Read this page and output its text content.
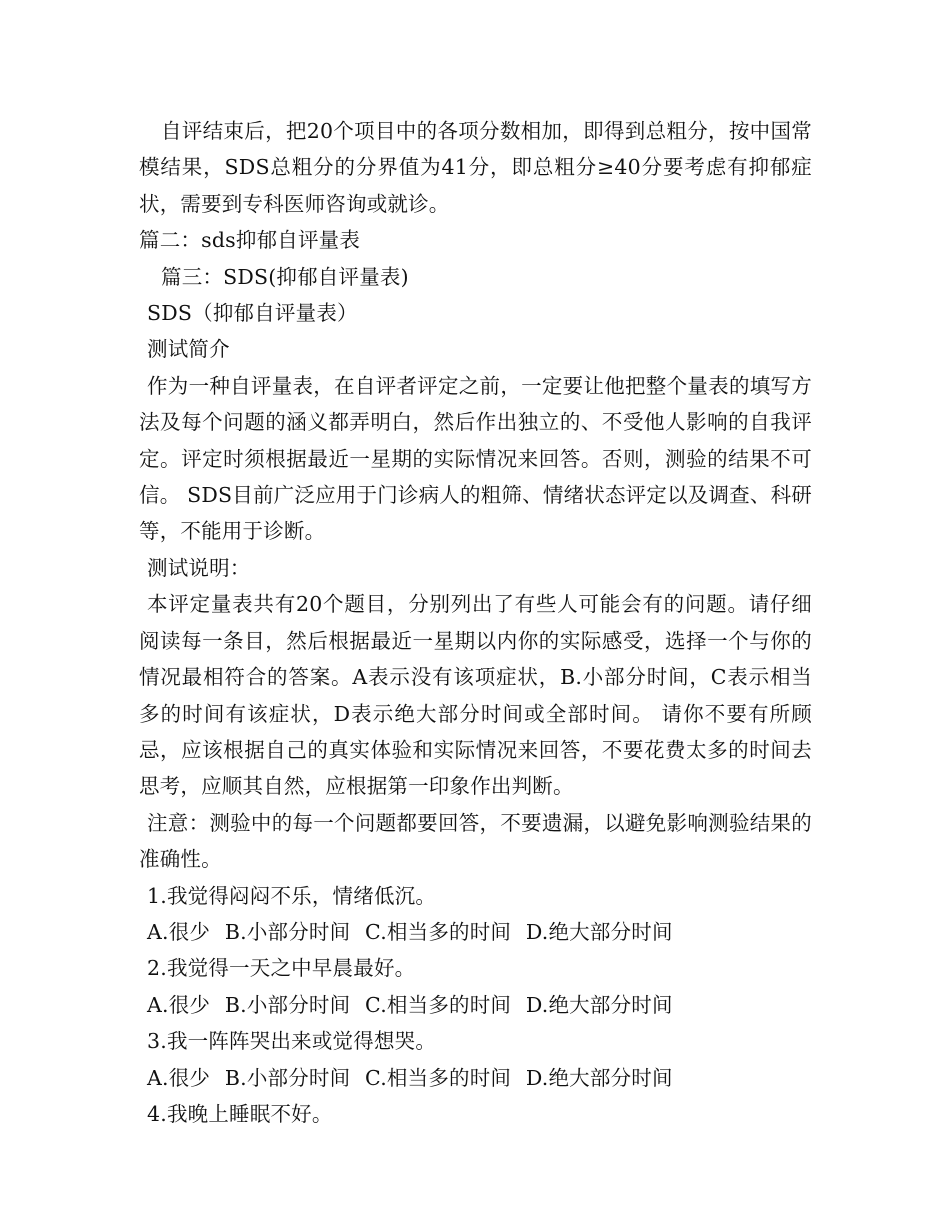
自评结束后，把20个项目中的各项分数相加，即得到总粗分，按中国常模结果，SDS总粗分的分界值为41分，即总粗分≥40分要考虑有抑郁症状，需要到专科医师咨询或就诊。

篇二：sds抑郁自评量表

篇三：SDS(抑郁自评量表)

SDS（抑郁自评量表）

测试简介

作为一种自评量表，在自评者评定之前，一定要让他把整个量表的填写方法及每个问题的涵义都弄明白，然后作出独立的、不受他人影响的自我评定。评定时须根据最近一星期的实际情况来回答。否则，测验的结果不可信。 SDS目前广泛应用于门诊病人的粗筛、情绪状态评定以及调查、科研等，不能用于诊断。

测试说明：

本评定量表共有20个题目，分别列出了有些人可能会有的问题。请仔细阅读每一条目，然后根据最近一星期以内你的实际感受，选择一个与你的情况最相符合的答案。A表示没有该项症状，B.小部分时间，C表示相当多的时间有该症状，D表示绝大部分时间或全部时间。 请你不要有所顾忌，应该根据自己的真实体验和实际情况来回答，不要花费太多的时间去思考，应顺其自然，应根据第一印象作出判断。

注意：测验中的每一个问题都要回答，不要遗漏，以避免影响测验结果的准确性。

1.我觉得闷闷不乐，情绪低沉。

A.很少 B.小部分时间 C.相当多的时间 D.绝大部分时间

2.我觉得一天之中早晨最好。

A.很少 B.小部分时间 C.相当多的时间 D.绝大部分时间

3.我一阵阵哭出来或觉得想哭。

A.很少 B.小部分时间 C.相当多的时间 D.绝大部分时间

4.我晚上睡眠不好。
